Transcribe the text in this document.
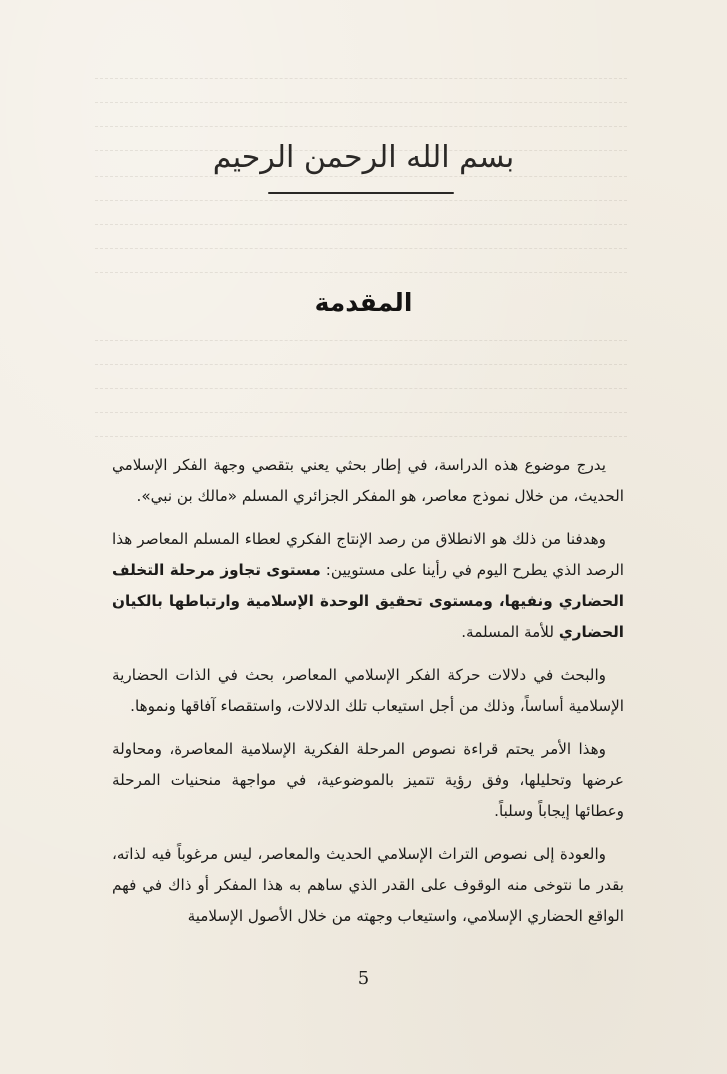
بسم الله الرحمن الرحيم
المقدمة

يدرج موضوع هذه الدراسة، في إطار بحثي يعني بتقصي وجهة الفكر الإسلامي الحديث، من خلال نموذج معاصر، هو المفكر الجزائري المسلم «مالك بن نبي».

وهدفنا من ذلك هو الانطلاق من رصد الإنتاج الفكري لعطاء المسلم المعاصر هذا الرصد الذي يطرح اليوم في رأينا على مستويين: مستوى تجاوز مرحلة التخلف الحضاري ونفيها، ومستوى تحقيق الوحدة الإسلامية وارتباطها بالكيان الحضاري للأمة المسلمة.

والبحث في دلالات حركة الفكر الإسلامي المعاصر، بحث في الذات الحضارية الإسلامية أساساً، وذلك من أجل استيعاب تلك الدلالات، واستقصاء آفاقها ونموها.

وهذا الأمر يحتم قراءة نصوص المرحلة الفكرية الإسلامية المعاصرة، ومحاولة عرضها وتحليلها، وفق رؤية تتميز بالموضوعية، في مواجهة منحنيات المرحلة وعطائها إيجاباً وسلباً.

والعودة إلى نصوص التراث الإسلامي الحديث والمعاصر، ليس مرغوباً فيه لذاته، بقدر ما نتوخى منه الوقوف على القدر الذي ساهم به هذا المفكر أو ذاك في فهم الواقع الحضاري الإسلامي، واستيعاب وجهته من خلال الأصول الإسلامية

5
